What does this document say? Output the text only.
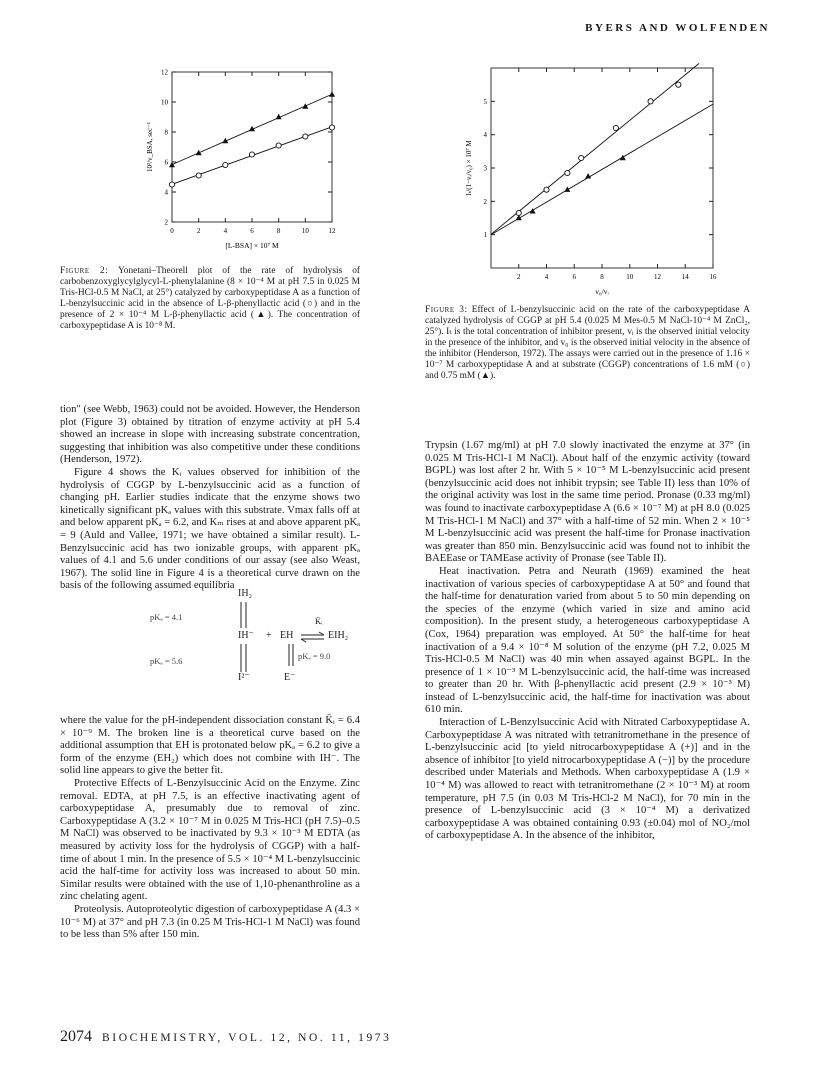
BYERS AND WOLFENDEN
0	2	4	6	8	10	12
2
4
6
8
10
12
[L-BSA] × 10⁷ M
10²/v_BSA, sec⁻¹
Figure 2: Yonetani–Theorell plot of the rate of hydrolysis of carbobenzoxyglycylglycyl-L-phenylalanine (8 × 10⁻⁴ M at pH 7.5 in 0.025 M Tris-HCl-0.5 M NaCl, at 25°) catalyzed by carboxypeptidase A as a function of L-benzylsuccinic acid in the absence of L-β-phenyllactic acid (○) and in the presence of 2 × 10⁻⁴ M L-β-phenyllactic acid (▲). The concentration of carboxypeptidase A is 10⁻⁸ M.
2	4	6	8	10	12	14	16
1
2
3
4
5
v₀/vᵢ
Iₜ/(1−vᵢ/v₀) × 10⁷ M
Figure 3: Effect of L-benzylsuccinic acid on the rate of the carboxypeptidase A catalyzed hydrolysis of CGGP at pH 5.4 (0.025 M Mes-0.5 M NaCl-10⁻⁴ M ZnCl₂, 25°). Iₜ is the total concentration of inhibitor present, vᵢ is the observed initial velocity in the presence of the inhibitor, and v₀ is the observed initial velocity in the absence of the inhibitor (Henderson, 1972). The assays were carried out in the presence of 1.16 × 10⁻⁷ M carboxypeptidase A and at substrate (CGGP) concentrations of 1.6 mM (○) and 0.75 mM (▲).

tion" (see Webb, 1963) could not be avoided. However, the Henderson plot (Figure 3) obtained by titration of enzyme activity at pH 5.4 showed an increase in slope with increasing substrate concentration, suggesting that inhibition was also competitive under these conditions (Henderson, 1972).

Figure 4 shows the Kᵢ values observed for inhibition of the hydrolysis of CGGP by L-benzylsuccinic acid as a function of changing pH. Earlier studies indicate that the enzyme shows two kinetically significant pKₐ values with this substrate. Vmax falls off at and below apparent pKₐ = 6.2, and Kₘ rises at and above apparent pKₐ = 9 (Auld and Vallee, 1971; we have obtained a similar result). L-Benzylsuccinic acid has two ionizable groups, with apparent pKₐ values of 4.1 and 5.6 under conditions of our assay (see also Weast, 1967). The solid line in Figure 4 is a theoretical curve drawn on the basis of the following assumed equilibria

IH₂
pKₐ = 4.1
IH⁻ + EH
K̄ᵢ
EIH₂
pKₐ = 5.6	pKₐ = 9.0
I²⁻	E⁻

where the value for the pH-independent dissociation constant K̄ᵢ = 6.4 × 10⁻⁹ M. The broken line is a theoretical curve based on the additional assumption that EH is protonated below pKₐ = 6.2 to give a form of the enzyme (EH₂) which does not combine with IH⁻. The solid line appears to give the better fit.

Protective Effects of L-Benzylsuccinic Acid on the Enzyme. Zinc removal. EDTA, at pH 7.5, is an effective inactivating agent of carboxypeptidase A, presumably due to removal of zinc. Carboxypeptidase A (3.2 × 10⁻⁷ M in 0.025 M Tris-HCl (pH 7.5)–0.5 M NaCl) was observed to be inactivated by 9.3 × 10⁻³ M EDTA (as measured by activity loss for the hydrolysis of CGGP) with a half-time of about 1 min. In the presence of 5.5 × 10⁻⁴ M L-benzylsuccinic acid the half-time for activity loss was increased to about 50 min. Similar results were obtained with the use of 1,10-phenanthroline as a zinc chelating agent.

Proteolysis. Autoproteolytic digestion of carboxypeptidase A (4.3 × 10⁻⁶ M) at 37° and pH 7.3 (in 0.25 M Tris-HCl-1 M NaCl) was found to be less than 5% after 150 min.

Trypsin (1.67 mg/ml) at pH 7.0 slowly inactivated the enzyme at 37° (in 0.025 M Tris-HCl-1 M NaCl). About half of the enzymic activity (toward BGPL) was lost after 2 hr. With 5 × 10⁻⁵ M L-benzylsuccinic acid present (benzylsuccinic acid does not inhibit trypsin; see Table II) less than 10% of the original activity was lost in the same time period. Pronase (0.33 mg/ml) was found to inactivate carboxypeptidase A (6.6 × 10⁻⁷ M) at pH 8.0 (0.025 M Tris-HCl-1 M NaCl) and 37° with a half-time of 52 min. When 2 × 10⁻⁵ M L-benzylsuccinic acid was present the half-time for Pronase inactivation was greater than 850 min. Benzylsuccinic acid was found not to inhibit the BAEEase or TAMEase activity of Pronase (see Table II).

Heat inactivation. Petra and Neurath (1969) examined the heat inactivation of various species of carboxypeptidase A at 50° and found that the half-time for denaturation varied from about 5 to 50 min depending on the species of the enzyme (which varied in size and amino acid composition). In the present study, a heterogeneous carboxypeptidase A (Cox, 1964) preparation was employed. At 50° the half-time for heat inactivation of a 9.4 × 10⁻⁸ M solution of the enzyme (pH 7.2, 0.025 M Tris-HCl-0.5 M NaCl) was 40 min when assayed against BGPL. In the presence of 1 × 10⁻³ M L-benzylsuccinic acid, the half-time was increased to greater than 20 hr. With β-phenyllactic acid present (2.9 × 10⁻³ M) instead of L-benzylsuccinic acid, the half-time for inactivation was about 610 min.

Interaction of L-Benzylsuccinic Acid with Nitrated Carboxypeptidase A. Carboxypeptidase A was nitrated with tetranitromethane in the presence of L-benzylsuccinic acid [to yield nitrocarboxypeptidase A (+)] and in the absence of inhibitor [to yield nitrocarboxypeptidase A (−)] by the procedure described under Materials and Methods. When carboxypeptidase A (1.9 × 10⁻⁴ M) was allowed to react with tetranitromethane (2 × 10⁻³ M) at room temperature, pH 7.5 (in 0.03 M Tris-HCl-2 M NaCl), for 70 min in the presence of L-benzylsuccinic acid (3 × 10⁻⁴ M) a derivatized carboxypeptidase A was obtained containing 0.93 (±0.04) mol of NO₂/mol of carboxypeptidase A. In the absence of the inhibitor,

2074 BIOCHEMISTRY, VOL. 12, NO. 11, 1973
